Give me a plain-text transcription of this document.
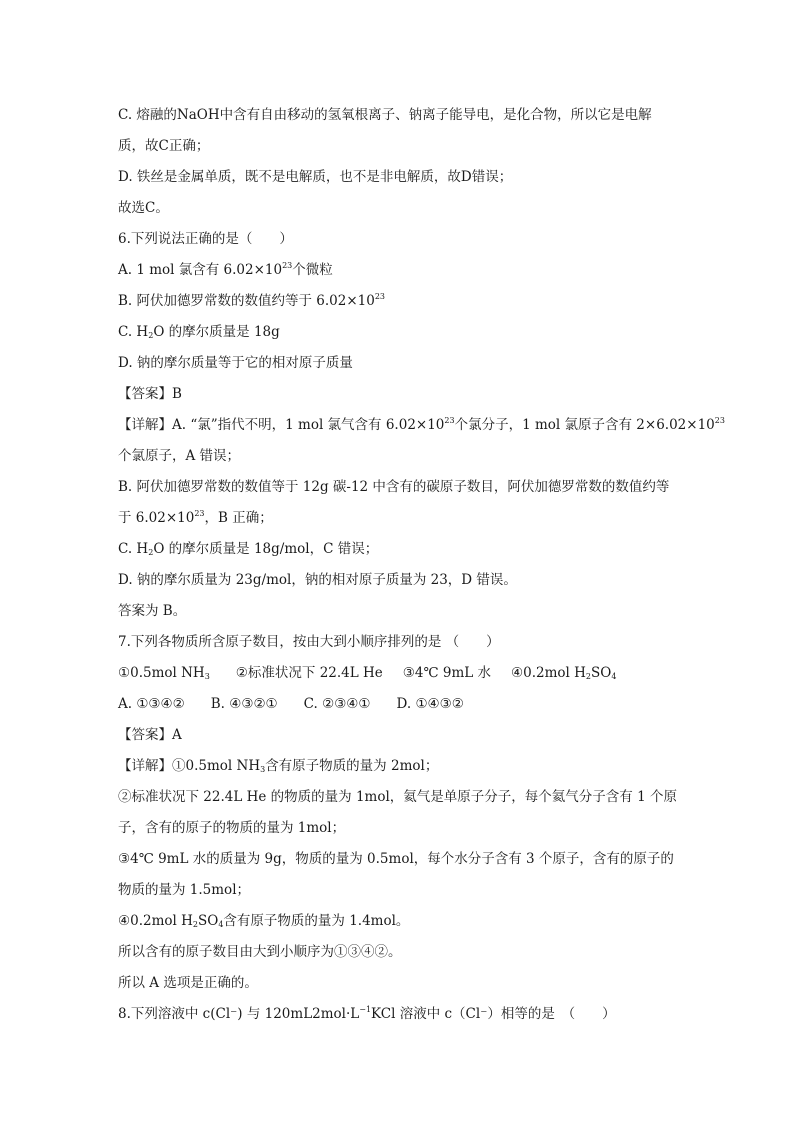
C. 熔融的NaOH中含有自由移动的氢氧根离子、钠离子能导电，是化合物，所以它是电解
质，故C正确；
D. 铁丝是金属单质，既不是电解质，也不是非电解质，故D错误；
故选C。
6.下列说法正确的是（　　）
A. 1 mol 氯含有 $6.02\times 10^{23}$个微粒
B. 阿伏加德罗常数的数值约等于 $6.02\times 10^{23}$
C. $H_2O$ 的摩尔质量是 18g
D. 钠的摩尔质量等于它的相对原子质量
【答案】B
【详解】A. “氯”指代不明，1 mol 氯气含有 $6.02\times 10^{23}$个氯分子，1 mol 氯原子含有 $2\times 6.02\times 10^{23}$
个氯原子，A 错误；
B. 阿伏加德罗常数的数值等于 12g 碳-12 中含有的碳原子数目，阿伏加德罗常数的数值约等
于 $6.02\times 10^{23}$，B 正确；
C. $H_2O$ 的摩尔质量是 18g/mol，C 错误；
D. 钠的摩尔质量为 23g/mol，钠的相对原子质量为 23，D 错误。
答案为 B。
7.下列各物质所含原子数目，按由大到小顺序排列的是 （　　）
①0.5mol $NH_3$ ②标准状况下 22.4L He ③4℃ 9mL 水 ④0.2mol $H_2SO_4$
A. ①③④② B. ④③②① C. ②③④① D. ①④③②
【答案】A
【详解】①0.5mol $NH_3$含有原子物质的量为 2mol；
②标准状况下 22.4L He 的物质的量为 1mol，氦气是单原子分子，每个氦气分子含有 1 个原
子，含有的原子的物质的量为 1mol；
③4℃ 9mL 水的质量为 9g，物质的量为 0.5mol，每个水分子含有 3 个原子，含有的原子的
物质的量为 1.5mol；
④0.2mol $H_2SO_4$含有原子物质的量为 1.4mol。
所以含有的原子数目由大到小顺序为①③④②。
所以 A 选项是正确的。
8.下列溶液中 c(Cl⁻) 与 $120mL2mol\cdot L^{-1}KCl$ 溶液中 c（Cl⁻）相等的是　（　　）
